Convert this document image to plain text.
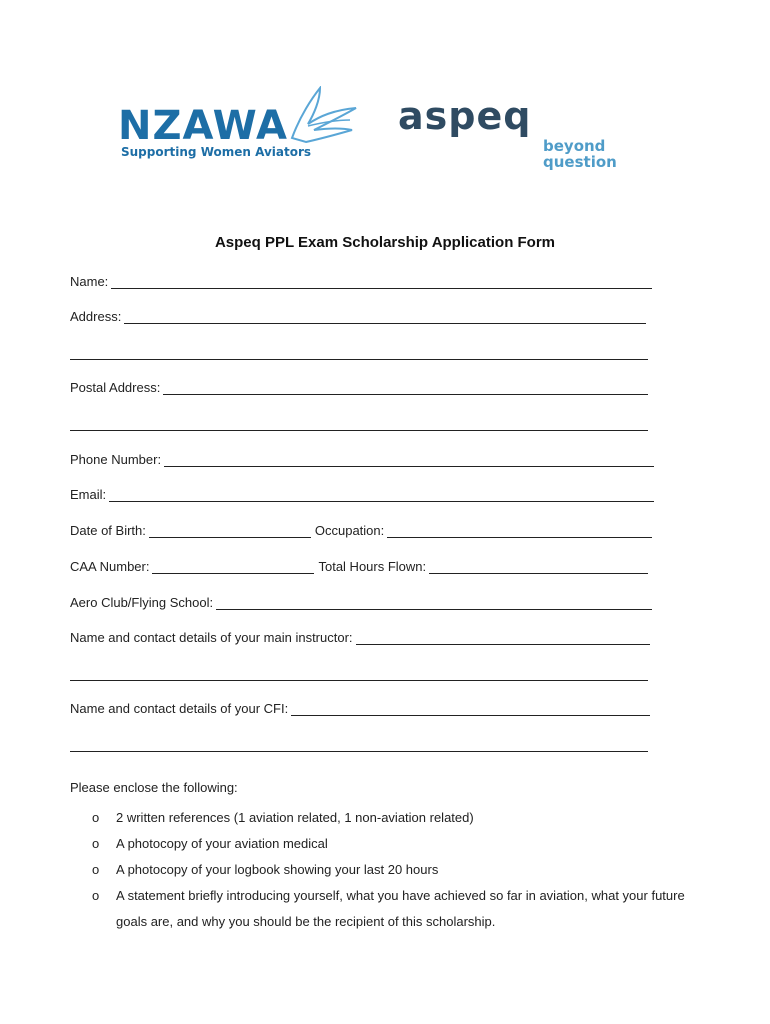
NZAWA
Supporting Women Aviators
aspeq
beyond
question
Aspeq PPL Exam Scholarship Application Form
Name:
Address:
Postal Address:
Phone Number:
Email:
Date of Birth:	Occupation:
CAA Number:	Total Hours Flown:
Aero Club/Flying School:
Name and contact details of your main instructor:
Name and contact details of your CFI:
Please enclose the following:
o 2 written references (1 aviation related, 1 non-aviation related)
o A photocopy of your aviation medical
o A photocopy of your logbook showing your last 20 hours
o A statement briefly introducing yourself, what you have achieved so far in aviation, what your future goals are, and why you should be the recipient of this scholarship.
